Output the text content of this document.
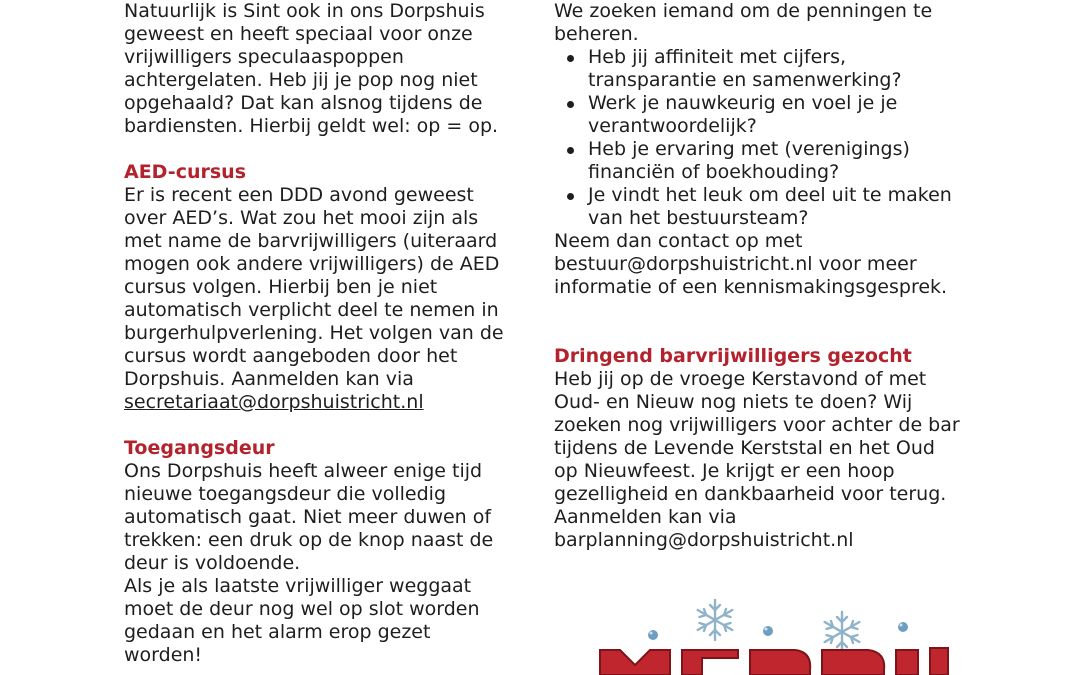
Natuurlijk is Sint ook in ons Dorpshuis
geweest en heeft speciaal voor onze
vrijwilligers speculaaspoppen
achtergelaten. Heb jij je pop nog niet
opgehaald? Dat kan alsnog tijdens de
bardiensten. Hierbij geldt wel: op = op.
AED-cursus
Er is recent een DDD avond geweest
over AED’s. Wat zou het mooi zijn als
met name de barvrijwilligers (uiteraard
mogen ook andere vrijwilligers) de AED
cursus volgen. Hierbij ben je niet
automatisch verplicht deel te nemen in
burgerhulpverlening. Het volgen van de
cursus wordt aangeboden door het
Dorpshuis. Aanmelden kan via
secretariaat@dorpshuistricht.nl
Toegangsdeur
Ons Dorpshuis heeft alweer enige tijd
nieuwe toegangsdeur die volledig
automatisch gaat. Niet meer duwen of
trekken: een druk op de knop naast de
deur is voldoende.
Als je als laatste vrijwilliger weggaat
moet de deur nog wel op slot worden
gedaan en het alarm erop gezet
worden!
We zoeken iemand om de penningen te
beheren.
Heb jij affiniteit met cijfers,
transparantie en samenwerking?
Werk je nauwkeurig en voel je je
verantwoordelijk?
Heb je ervaring met (verenigings)
financiën of boekhouding?
Je vindt het leuk om deel uit te maken
van het bestuursteam?
Neem dan contact op met
bestuur@dorpshuistricht.nl voor meer
informatie of een kennismakingsgesprek.
Dringend barvrijwilligers gezocht
Heb jij op de vroege Kerstavond of met
Oud- en Nieuw nog niets te doen? Wij
zoeken nog vrijwilligers voor achter de bar
tijdens de Levende Kerststal en het Oud
op Nieuwfeest. Je krijgt er een hoop
gezelligheid en dankbaarheid voor terug.
Aanmelden kan via
barplanning@dorpshuistricht.nl
